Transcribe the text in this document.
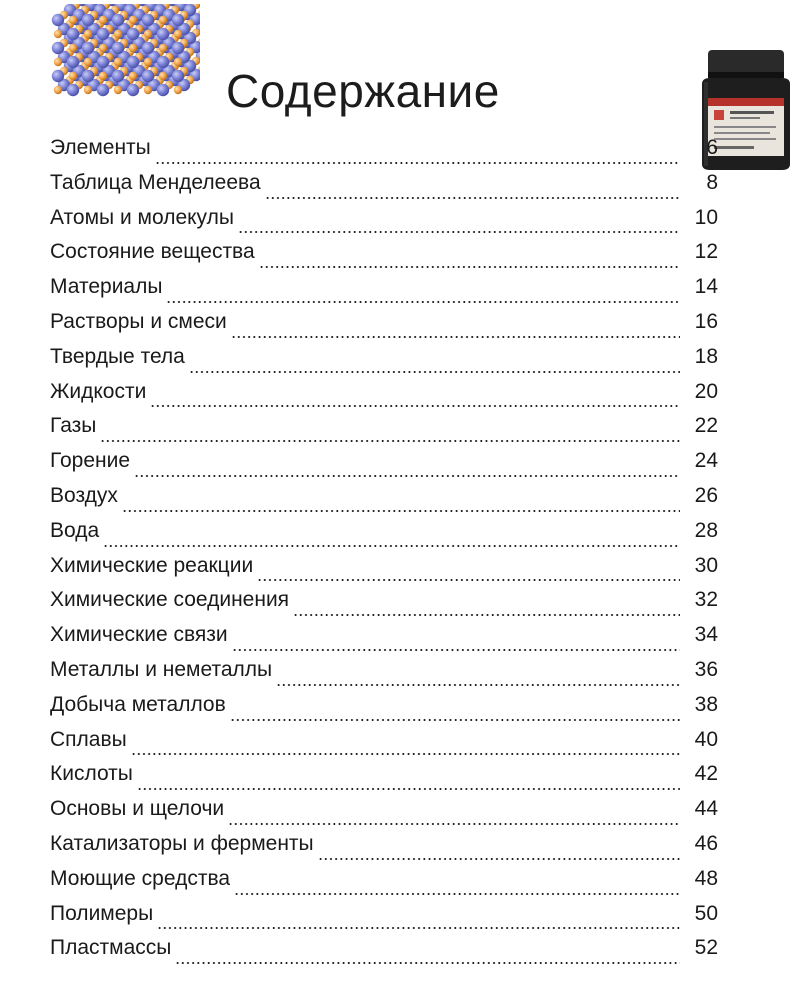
Содержание
Элементы	6
Таблица Менделеева	8
Атомы и молекулы	10
Состояние вещества	12
Материалы	14
Растворы и смеси	16
Твердые тела	18
Жидкости	20
Газы	22
Горение	24
Воздух	26
Вода	28
Химические реакции	30
Химические соединения	32
Химические связи	34
Металлы и неметаллы	36
Добыча металлов	38
Сплавы	40
Кислоты	42
Основы и щелочи	44
Катализаторы и ферменты	46
Моющие средства	48
Полимеры	50
Пластмассы	52
